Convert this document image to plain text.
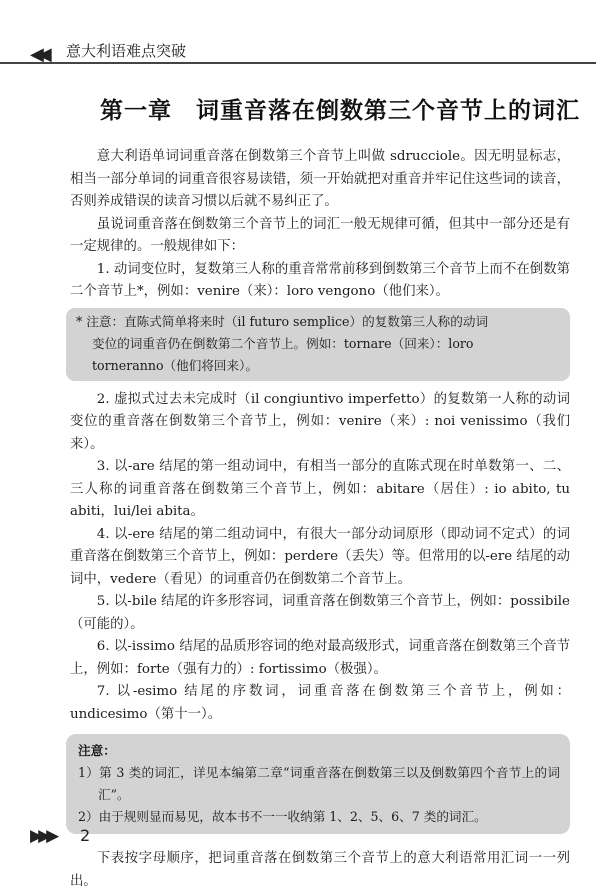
◀◀ 意大利语难点突破
第一章　词重音落在倒数第三个音节上的词汇

意大利语单词词重音落在倒数第三个音节上叫做 sdrucciole。因无明显标志，相当一部分单词的词重音很容易读错，须一开始就把对重音并牢记住这些词的读音，否则养成错误的读音习惯以后就不易纠正了。

虽说词重音落在倒数第三个音节上的词汇一般无规律可循，但其中一部分还是有一定规律的。一般规律如下：

1. 动词变位时，复数第三人称的重音常常前移到倒数第三个音节上而不在倒数第二个音节上*，例如：venire（来）：loro vengono（他们来）。

* 注意：直陈式简单将来时（il futuro semplice）的复数第三人称的动词

变位的词重音仍在倒数第二个音节上。例如：tornare（回来）：loro

torneranno（他们将回来）。

2. 虚拟式过去未完成时（il congiuntivo imperfetto）的复数第一人称的动词变位的重音落在倒数第三个音节上，例如：venire（来）: noi venissimo（我们来）。

3. 以-are 结尾的第一组动词中，有相当一部分的直陈式现在时单数第一、二、三人称的词重音落在倒数第三个音节上，例如：abitare（居住）: io abito, tu abiti，lui/lei abita。

4. 以-ere 结尾的第二组动词中，有很大一部分动词原形（即动词不定式）的词重音落在倒数第三个音节上，例如：perdere（丢失）等。但常用的以-ere 结尾的动词中，vedere（看见）的词重音仍在倒数第二个音节上。

5. 以-bile 结尾的许多形容词，词重音落在倒数第三个音节上，例如：possibile（可能的）。

6. 以-issimo 结尾的品质形容词的绝对最高级形式，词重音落在倒数第三个音节上，例如：forte（强有力的）: fortissimo（极强）。

7. 以-esimo 结尾的序数词，词重音落在倒数第三个音节上，例如：undicesimo（第十一）。

注意：

1）第 3 类的词汇，详见本编第二章“词重音落在倒数第三以及倒数第四个音节上的词汇”。

2）由于规则显而易见，故本书不一一收纳第 1、2、5、6、7 类的词汇。

下表按字母顺序，把词重音落在倒数第三个音节上的意大利语常用汇词一一列出。

▶▶▶ 2
